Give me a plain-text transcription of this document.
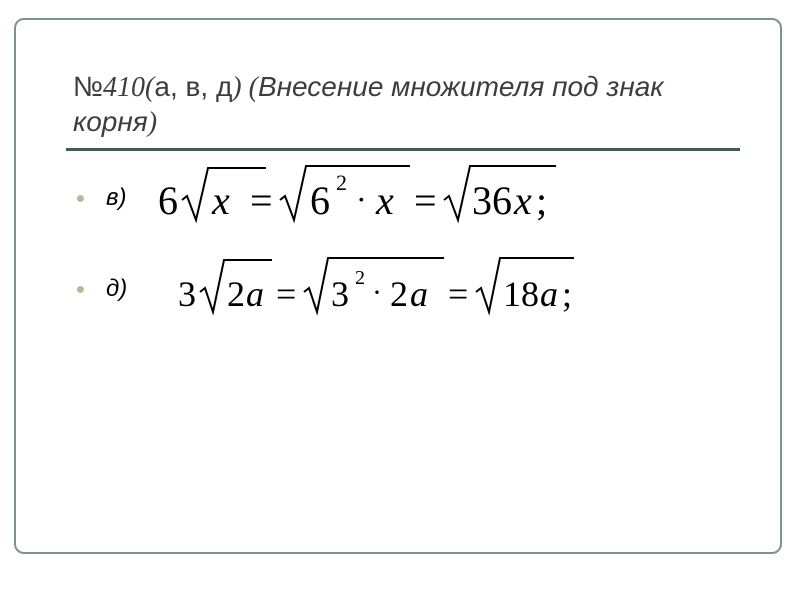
№410(а, в, д) (Внесение множителя под знак корня)
в) 6 x = 6 2 · x = 36 x ;
д) 3 2 a = 3 2 · 2 a = 18 a ;
